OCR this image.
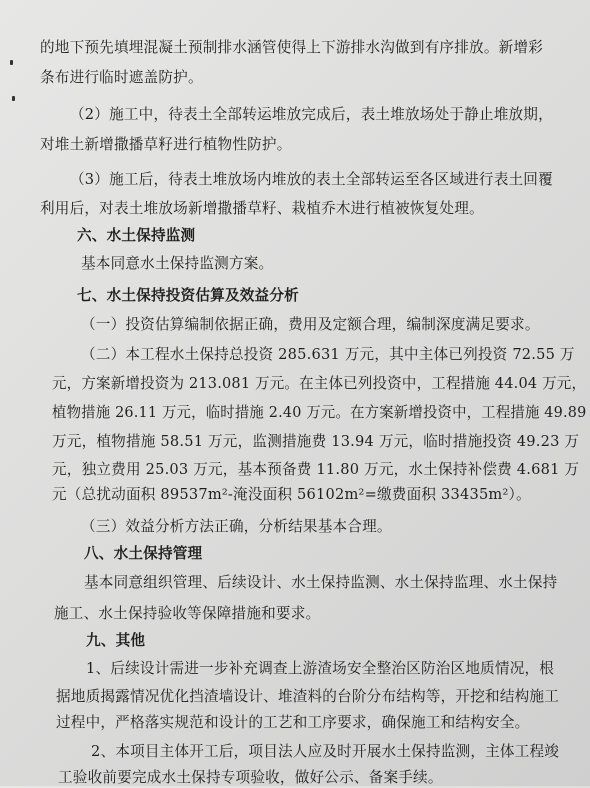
的地下预先填埋混凝土预制排水涵管使得上下游排水沟做到有序排放。新增彩
条布进行临时遮盖防护。
（2）施工中，待表土全部转运堆放完成后，表土堆放场处于静止堆放期，
对堆土新增撒播草籽进行植物性防护。
（3）施工后，待表土堆放场内堆放的表土全部转运至各区域进行表土回覆
利用后，对表土堆放场新增撒播草籽、栽植乔木进行植被恢复处理。
六、水土保持监测
基本同意水土保持监测方案。
七、水土保持投资估算及效益分析
（一）投资估算编制依据正确，费用及定额合理，编制深度满足要求。
（二）本工程水土保持总投资 285.631 万元，其中主体已列投资 72.55 万
元，方案新增投资为 213.081 万元。在主体已列投资中，工程措施 44.04 万元，
植物措施 26.11 万元，临时措施 2.40 万元。在方案新增投资中，工程措施 49.89
万元，植物措施 58.51 万元，监测措施费 13.94 万元，临时措施投资 49.23 万
元，独立费用 25.03 万元，基本预备费 11.80 万元，水土保持补偿费 4.681 万
元（总扰动面积 89537m²-淹没面积 56102m²=缴费面积 33435m²）。
（三）效益分析方法正确，分析结果基本合理。
八、水土保持管理
基本同意组织管理、后续设计、水土保持监测、水土保持监理、水土保持
施工、水土保持验收等保障措施和要求。
九、其他
1、后续设计需进一步补充调查上游渣场安全整治区防治区地质情况，根
据地质揭露情况优化挡渣墙设计、堆渣料的台阶分布结构等，开挖和结构施工
过程中，严格落实规范和设计的工艺和工序要求，确保施工和结构安全。
2、本项目主体开工后，项目法人应及时开展水土保持监测，主体工程竣
工验收前要完成水土保持专项验收，做好公示、备案手续。
